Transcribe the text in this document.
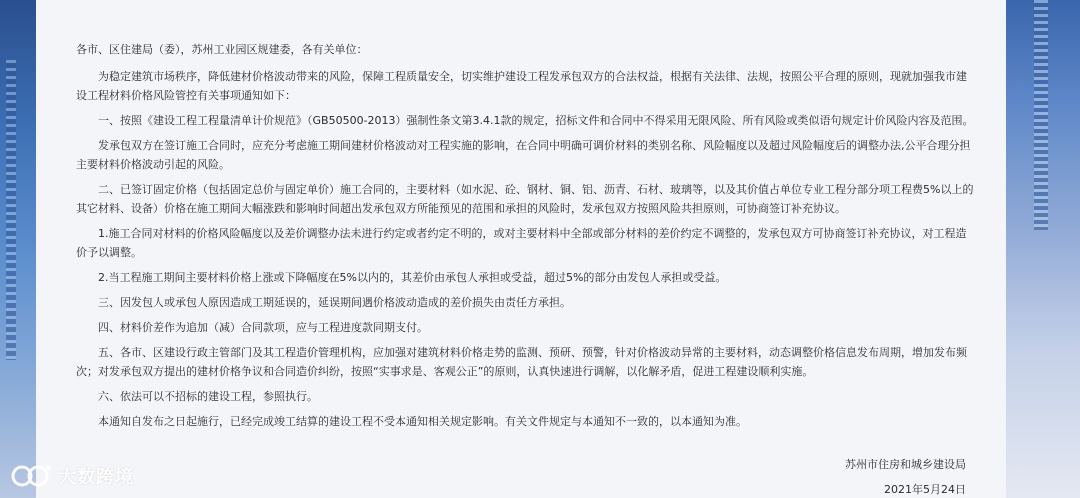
各市、区住建局（委），苏州工业园区规建委，各有关单位：

为稳定建筑市场秩序，降低建材价格波动带来的风险，保障工程质量安全，切实维护建设工程发承包双方的合法权益，根据有关法律、法规，按照公平合理的原则，现就加强我市建设工程材料价格风险管控有关事项通知如下：

一、按照《建设工程工程量清单计价规范》（GB50500-2013）强制性条文第3.4.1款的规定，招标文件和合同中不得采用无限风险、所有风险或类似语句规定计价风险内容及范围。

发承包双方在签订施工合同时，应充分考虑施工期间建材价格波动对工程实施的影响，在合同中明确可调价材料的类别名称、风险幅度以及超过风险幅度后的调整办法,公平合理分担主要材料价格波动引起的风险。

二、已签订固定价格（包括固定总价与固定单价）施工合同的，主要材料（如水泥、砼、钢材、铜、铝、沥青、石材、玻璃等，以及其价值占单位专业工程分部分项工程费5%以上的其它材料、设备）价格在施工期间大幅涨跌和影响时间超出发承包双方所能预见的范围和承担的风险时，发承包双方按照风险共担原则，可协商签订补充协议。

1.施工合同对材料的价格风险幅度以及差价调整办法未进行约定或者约定不明的，或对主要材料中全部或部分材料的差价约定不调整的，发承包双方可协商签订补充协议，对工程造价予以调整。

2.当工程施工期间主要材料价格上涨或下降幅度在5%以内的，其差价由承包人承担或受益，超过5%的部分由发包人承担或受益。

三、因发包人或承包人原因造成工期延误的，延误期间遇价格波动造成的差价损失由责任方承担。

四、材料价差作为追加（减）合同款项，应与工程进度款同期支付。

五、各市、区建设行政主管部门及其工程造价管理机构，应加强对建筑材料价格走势的监测、预研、预警，针对价格波动异常的主要材料，动态调整价格信息发布周期，增加发布频次；对发承包双方提出的建材价格争议和合同造价纠纷，按照“实事求是、客观公正”的原则，认真快速进行调解，以化解矛盾，促进工程建设顺利实施。

六、依法可以不招标的建设工程，参照执行。

本通知自发布之日起施行，已经完成竣工结算的建设工程不受本通知相关规定影响。有关文件规定与本通知不一致的，以本通知为准。

苏州市住房和城乡建设局
2021年5月24日
大数跨境
